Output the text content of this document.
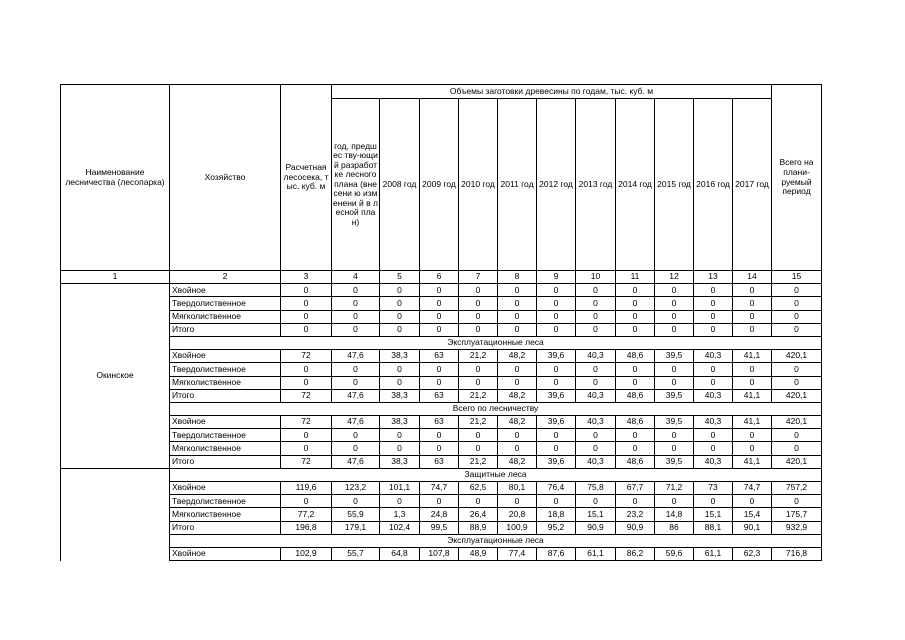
Наименование лесничества (лесопарка)	Хозяйство	Расчетная лесосека, тыс. куб. м	Объемы заготовки древесины по годам, тыс. куб. м											Всего на плани-руемый период
			год, предшес тву-ющий разработ ке лесного плана (внесени ю изменени й в лесной план)	2008 год	2009 год	2010 год	2011 год	2012 год	2013 год	2014 год	2015 год	2016 год	2017 год	
1	2	3	4	5	6	7	8	9	10	11	12	13	14	15
Окинское	Хвойное	0	0	0	0	0	0	0	0	0	0	0	0	0
	Твердолиственное	0	0	0	0	0	0	0	0	0	0	0	0	0
	Мягколиственное	0	0	0	0	0	0	0	0	0	0	0	0	0
	Итого	0	0	0	0	0	0	0	0	0	0	0	0	0
	Эксплуатационные леса													
	Хвойное	72	47,6	38,3	63	21,2	48,2	39,6	40,3	48,6	39,5	40,3	41,1	420,1
	Твердолиственное	0	0	0	0	0	0	0	0	0	0	0	0	0
	Мягколиственное	0	0	0	0	0	0	0	0	0	0	0	0	0
	Итого	72	47,6	38,3	63	21,2	48,2	39,6	40,3	48,6	39,5	40,3	41,1	420,1
	Всего по лесничеству													
	Хвойное	72	47,6	38,3	63	21,2	48,2	39,6	40,3	48,6	39,5	40,3	41,1	420,1
	Твердолиственное	0	0	0	0	0	0	0	0	0	0	0	0	0
	Мягколиственное	0	0	0	0	0	0	0	0	0	0	0	0	0
	Итого	72	47,6	38,3	63	21,2	48,2	39,6	40,3	48,6	39,5	40,3	41,1	420,1
	Защитные леса													
	Хвойное	119,6	123,2	101,1	74,7	62,5	80,1	76,4	75,8	67,7	71,2	73	74,7	757,2
	Твердолиственное	0	0	0	0	0	0	0	0	0	0	0	0	0
	Мягколиственное	77,2	55,9	1,3	24,8	26,4	20,8	18,8	15,1	23,2	14,8	15,1	15,4	175,7
	Итого	196,8	179,1	102,4	99,5	88,9	100,9	95,2	90,9	90,9	86	88,1	90,1	932,9
	Эксплуатационные леса													
	Хвойное	102,9	55,7	64,8	107,8	48,9	77,4	87,6	61,1	86,2	59,6	61,1	62,3	716,8
